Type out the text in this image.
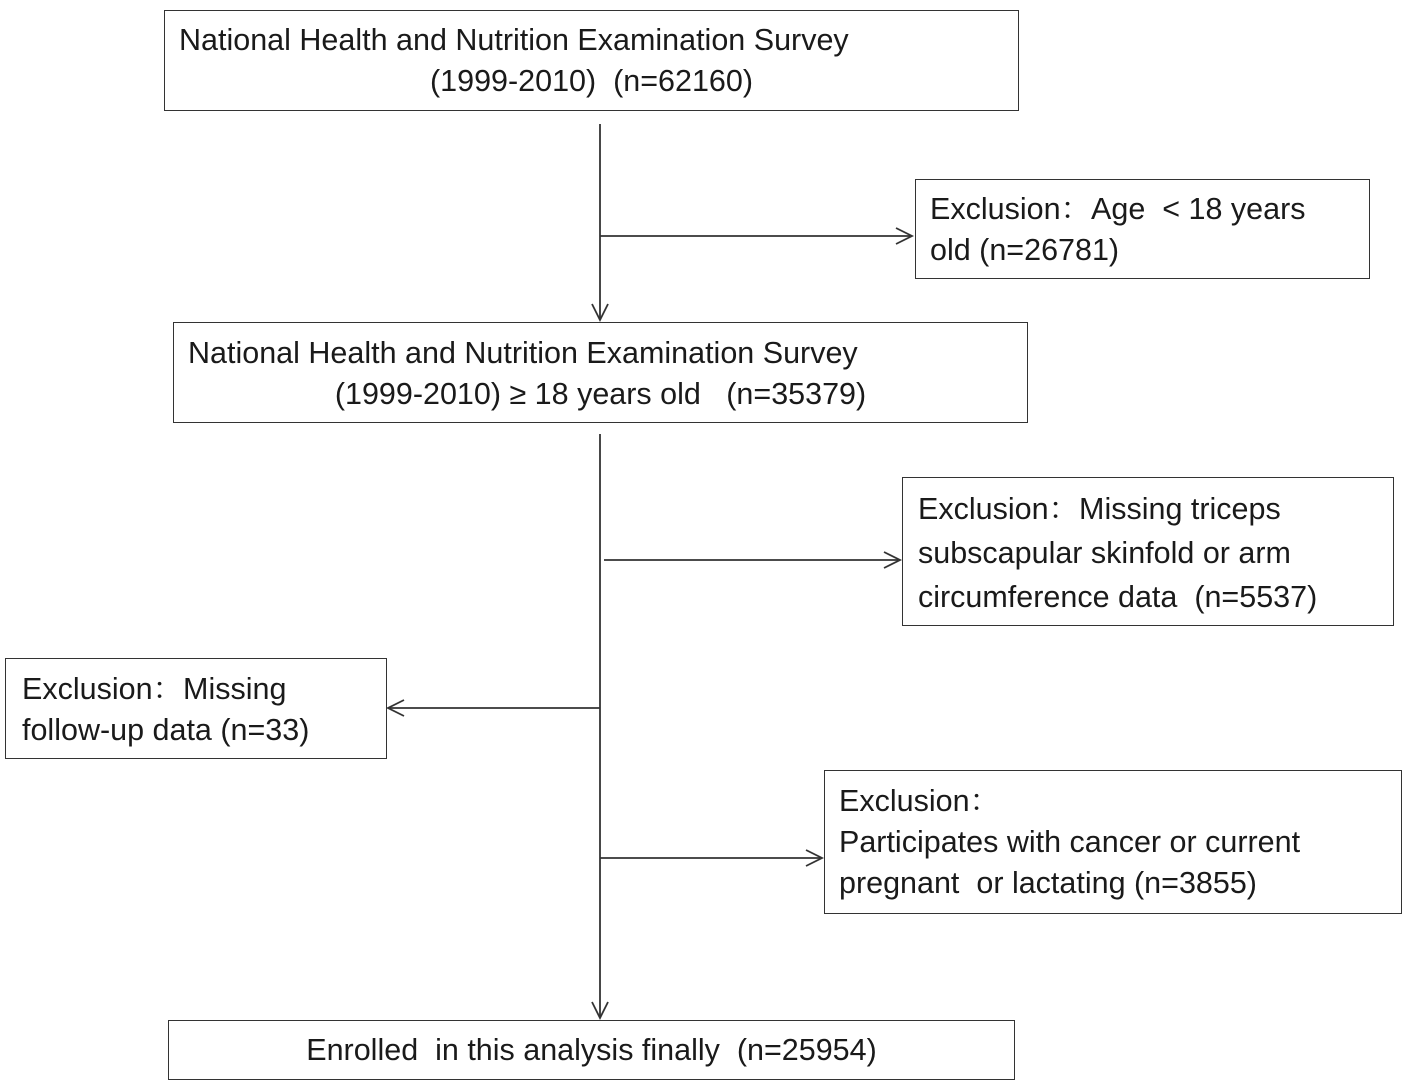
National Health and Nutrition Examination Survey
(1999-2010)  (n=62160)
Exclusion：Age  < 18 years
old (n=26781)
National Health and Nutrition Examination Survey
(1999-2010) ≥ 18 years old   (n=35379)
Exclusion：Missing triceps
subscapular skinfold or arm
circumference data  (n=5537)
Exclusion：Missing
follow-up data (n=33)
Exclusion：
Participates with cancer or current
pregnant  or lactating (n=3855)
Enrolled  in this analysis finally  (n=25954)
